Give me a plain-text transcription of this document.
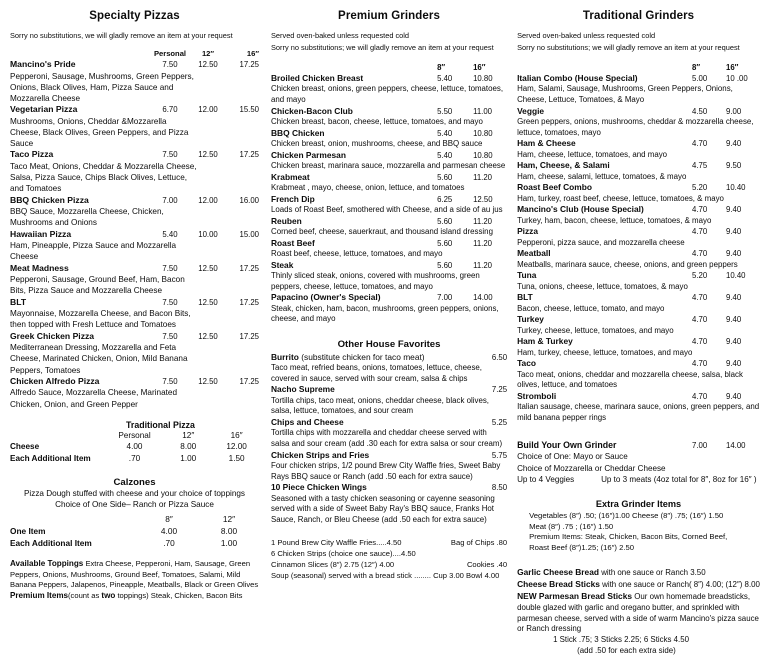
Specialty Pizzas
Sorry no substitutions, we will gladly remove an item at your request
Personal	12″	16″
Mancino's Pride	7.50	12.50	17.25
Pepperoni, Sausage, Mushrooms, Green Peppers, Onions, Black Olives, Ham, Pizza Sauce and Mozzarella Cheese
Vegetarian Pizza	6.70	12.00	15.50
Mushrooms, Onions, Cheddar &Mozzarella Cheese, Black Olives, Green Peppers, and Pizza Sauce
Taco Pizza	7.50	12.50	17.25
Taco Meat, Onions, Cheddar & Mozzarella Cheese, Salsa, Pizza Sauce, Chips Black Olives, Lettuce, and Tomatoes
BBQ Chicken Pizza	7.00	12.00	16.00
BBQ Sauce, Mozzarella Cheese, Chicken, Mushrooms and Onions
Hawaiian Pizza	5.40	10.00	15.00
Ham, Pineapple, Pizza Sauce and Mozzarella Cheese
Meat Madness	7.50	12.50	17.25
Pepperoni, Sausage, Ground Beef, Ham, Bacon Bits, Pizza Sauce and Mozzarella Cheese
BLT	7.50	12.50	17.25
Mayonnaise, Mozzarella Cheese, and Bacon Bits, then topped with Fresh Lettuce and Tomatoes
Greek Chicken Pizza	7.50	12.50	17.25
Mediterranean Dressing, Mozzarella and Feta Cheese, Marinated Chicken, Onion, Mild Banana Peppers, Tomatoes
Chicken Alfredo Pizza	7.50	12.50	17.25
Alfredo Sauce, Mozzarella Cheese, Marinated Chicken, Onion, and Green Pepper
Traditional Pizza
Personal	12″	16″
Cheese	4.00	8.00	12.00
Each Additional Item	.70	1.00	1.50
Calzones
Pizza Dough stuffed with cheese and your choice of toppings
Choice of One Side– Ranch or Pizza Sauce
8″	12″
One Item	4.00	8.00
Each Additional Item	.70	1.00
Available Toppings Extra Cheese, Pepperoni, Ham, Sausage, Green Peppers, Onions, Mushrooms, Ground Beef, Tomatoes, Salami, Mild Banana Peppers, Jalapenos, Pineapple, Meatballs, Black or Green Olives
Premium Items(count as two toppings) Steak, Chicken, Bacon Bits
Premium Grinders
Served oven-baked unless requested cold
Sorry no substitutions; we will gladly remove an item at your request
8″	16″
Broiled Chicken Breast	5.40	10.80
Chicken breast, onions, green peppers, cheese, lettuce, tomatoes, and mayo
Chicken-Bacon Club	5.50	11.00
Chicken breast, bacon, cheese, lettuce, tomatoes, and mayo
BBQ Chicken	5.40	10.80
Chicken breast, onion, mushrooms, cheese, and BBQ sauce
Chicken Parmesan	5.40	10.80
Chicken breast, marinara sauce, mozzarella and parmesan cheese
Krabmeat	5.60	11.20
Krabmeat , mayo, cheese, onion, lettuce, and tomatoes
French Dip	6.25	12.50
Loads of Roast Beef, smothered with Cheese, and a side of au jus
Reuben	5.60	11.20
Corned beef, cheese, sauerkraut, and thousand island dressing
Roast Beef	5.60	11.20
Roast beef, cheese, lettuce, tomatoes, and mayo
Steak	5.60	11.20
Thinly sliced steak, onions, covered with mushrooms, green peppers, cheese, lettuce, tomatoes, and mayo
Papacino (Owner's Special)	7.00	14.00
Steak, chicken, ham, bacon, mushrooms, green peppers, onions, cheese, and mayo
Other House Favorites
Burrito (substitute chicken for taco meat)	6.50
Taco meat, refried beans, onions, tomatoes, lettuce, cheese, covered in sauce, served with sour cream, salsa & chips
Nacho Supreme	7.25
Tortilla chips, taco meat, onions, cheddar cheese, black olives, salsa, lettuce, tomatoes, and sour cream
Chips and Cheese	5.25
Tortilla chips with mozzarella and cheddar cheese served with salsa and sour cream (add .30 each for extra salsa or sour cream)
Chicken Strips and Fries	5.75
Four chicken strips, 1/2 pound Brew City Waffle fries, Sweet Baby Rays BBQ sauce or Ranch (add .50 each for extra sauce)
10 Piece Chicken Wings	8.50
Seasoned with a tasty chicken seasoning or cayenne seasoning served with a side of Sweet Baby Ray's BBQ sauce, Franks Hot Sauce, Ranch, or Bleu Cheese (add .50 each for extra sauce)
1 Pound Brew City Waffle Fries.....4.50	Bag of Chips .80
6 Chicken Strips (choice one sauce)....4.50
Cinnamon Slices (8″) 2.75 (12″) 4.00	Cookies .40
Soup (seasonal) served with a bread stick ........ Cup 3.00 Bowl 4.00
Traditional Grinders
Served oven-baked unless requested cold
Sorry no substitutions; we will gladly remove an item at your request
8″	16″
Italian Combo (House Special)	5.00	10 .00
Ham, Salami, Sausage, Mushrooms, Green Peppers, Onions, Cheese, Lettuce, Tomatoes, & Mayo
Veggie	4.50	9.00
Green peppers, onions, mushrooms, cheddar & mozzarella cheese, lettuce, tomatoes, mayo
Ham & Cheese	4.70	9.40
Ham, cheese, lettuce, tomatoes, and mayo
Ham, Cheese, & Salami	4.75	9.50
Ham, cheese, salami, lettuce, tomatoes, & mayo
Roast Beef Combo	5.20	10.40
Ham, turkey, roast beef, cheese, lettuce, tomatoes, & mayo
Mancino's Club (House Special)	4.70	9.40
Turkey, ham, bacon, cheese, lettuce, tomatoes, & mayo
Pizza	4.70	9.40
Pepperoni, pizza sauce, and mozzarella cheese
Meatball	4.70	9.40
Meatballs, marinara sauce, cheese, onions, and green peppers
Tuna	5.20	10.40
Tuna, onions, cheese, lettuce, tomatoes, & mayo
BLT	4.70	9.40
Bacon, cheese, lettuce, tomato, and mayo
Turkey	4.70	9.40
Turkey, cheese, lettuce, tomatoes, and mayo
Ham & Turkey	4.70	9.40
Ham, turkey, cheese, lettuce, tomatoes, and mayo
Taco	4.70	9.40
Taco meat, onions, cheddar and mozzarella cheese, salsa, black olives, lettuce, and tomatoes
Stromboli	4.70	9.40
Italian sausage, cheese, marinara sauce, onions, green peppers, and mild banana pepper rings
Build Your Own Grinder	7.00	14.00
Choice of One: Mayo or Sauce
Choice of Mozzarella or Cheddar Cheese
Up to 4 Veggies	Up to 3 meats (4oz total for 8″, 8oz for 16″ )
Extra Grinder Items
Vegetables (8″) .50; (16″)1.00 Cheese (8″) .75; (16″) 1.50
Meat (8″) .75 ; (16″) 1.50
Premium Items: Steak, Chicken, Bacon Bits, Corned Beef,
Roast Beef (8″)1.25; (16″) 2.50
Garlic Cheese Bread with one sauce or Ranch 3.50
Cheese Bread Sticks with one sauce or Ranch( 8″) 4.00; (12″) 8.00
NEW Parmesan Bread Sticks Our own homemade breadsticks, double glazed with garlic and oregano butter, and sprinkled with parmesan cheese, served with a side of warm Mancino's pizza sauce or Ranch dressing
1 Stick .75; 3 Sticks 2.25; 6 Sticks 4.50
(add .50 for each extra side)
